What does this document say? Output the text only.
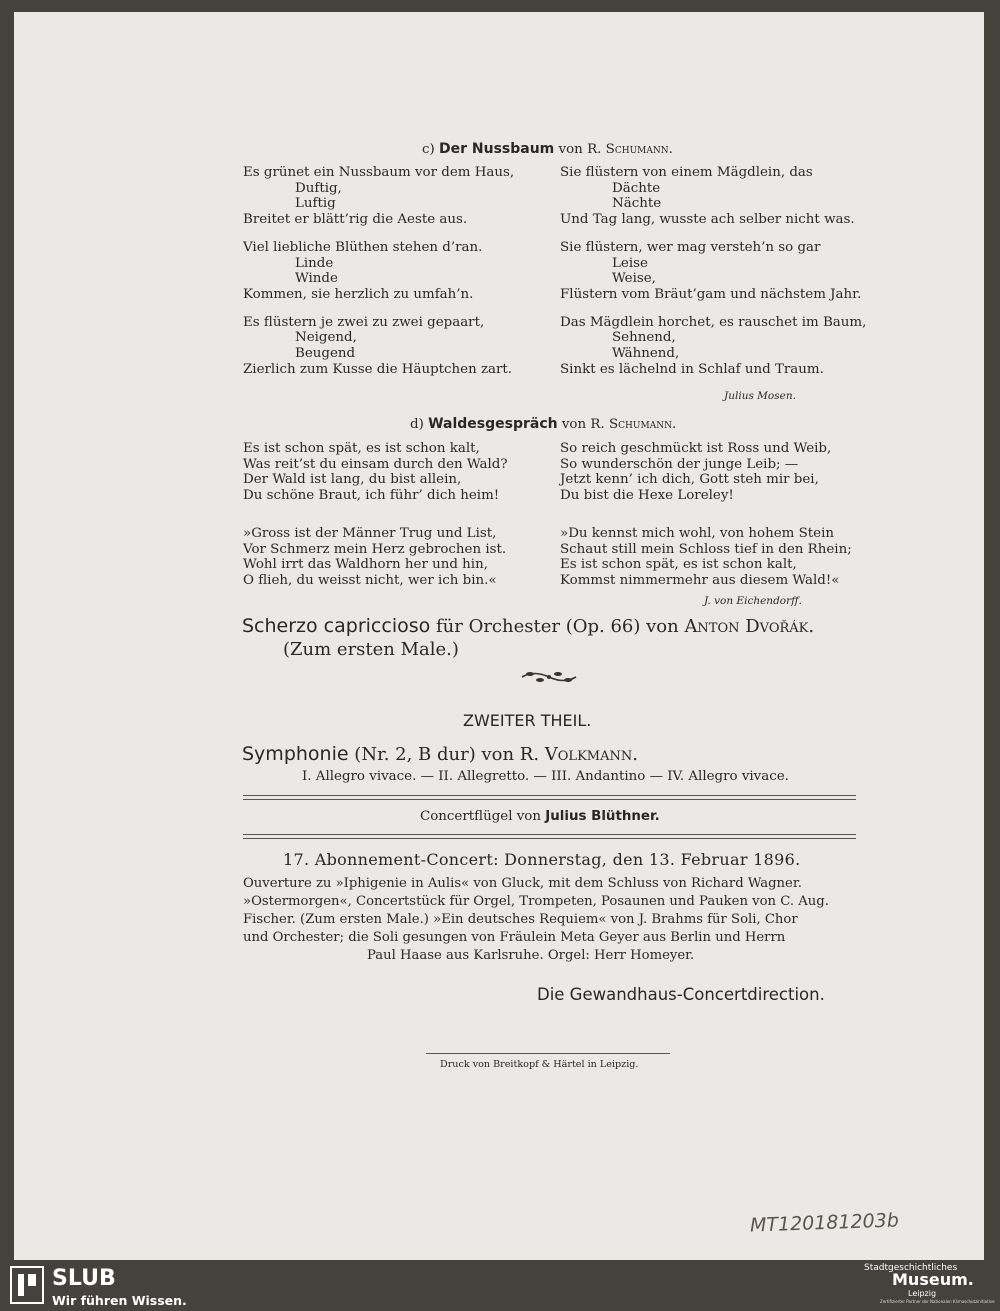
c) Der Nussbaum von R. Schumann.
Es grünet ein Nussbaum vor dem Haus,
Duftig,
Luftig
Breitet er blätt’rig die Aeste aus.
Viel liebliche Blüthen stehen d’ran.
Linde
Winde
Kommen, sie herzlich zu umfah’n.
Es flüstern je zwei zu zwei gepaart,
Neigend,
Beugend
Zierlich zum Kusse die Häuptchen zart.
Sie flüstern von einem Mägdlein, das
Dächte
Nächte
Und Tag lang, wusste ach selber nicht was.
Sie flüstern, wer mag versteh’n so gar
Leise
Weise,
Flüstern vom Bräut’gam und nächstem Jahr.
Das Mägdlein horchet, es rauschet im Baum,
Sehnend,
Wähnend,
Sinkt es lächelnd in Schlaf und Traum.
Julius Mosen.
d) Waldesgespräch von R. Schumann.
Es ist schon spät, es ist schon kalt,
Was reit’st du einsam durch den Wald?
Der Wald ist lang, du bist allein,
Du schöne Braut, ich führ’ dich heim!
»Gross ist der Männer Trug und List,
Vor Schmerz mein Herz gebrochen ist.
Wohl irrt das Waldhorn her und hin,
O flieh, du weisst nicht, wer ich bin.«
So reich geschmückt ist Ross und Weib,
So wunderschön der junge Leib; —
Jetzt kenn’ ich dich, Gott steh mir bei,
Du bist die Hexe Loreley!
»Du kennst mich wohl, von hohem Stein
Schaut still mein Schloss tief in den Rhein;
Es ist schon spät, es ist schon kalt,
Kommst nimmermehr aus diesem Wald!«
J. von Eichendorff.
Scherzo capriccioso für Orchester (Op. 66) von Anton Dvořák.
(Zum ersten Male.)
ZWEITER THEIL.
Symphonie (Nr. 2, B dur) von R. Volkmann.
I. Allegro vivace. — II. Allegretto. — III. Andantino — IV. Allegro vivace.
Concertflügel von Julius Blüthner.
17. Abonnement-Concert: Donnerstag, den 13. Februar 1896.
Ouverture zu »Iphigenie in Aulis« von Gluck, mit dem Schluss von Richard Wagner.
»Ostermorgen«, Concertstück für Orgel, Trompeten, Posaunen und Pauken von C. Aug.
Fischer. (Zum ersten Male.) »Ein deutsches Requiem« von J. Brahms für Soli, Chor
und Orchester; die Soli gesungen von Fräulein Meta Geyer aus Berlin und Herrn
Paul Haase aus Karlsruhe. Orgel: Herr Homeyer.
Die Gewandhaus-Concertdirection.
Druck von Breitkopf & Härtel in Leipzig.
MT120181203b
SLUB
Wir führen Wissen.
Stadtgeschichtliches
Museum.
Leipzig
Zertifizierter Partner der Nationalen Klimaschutzinitiative
